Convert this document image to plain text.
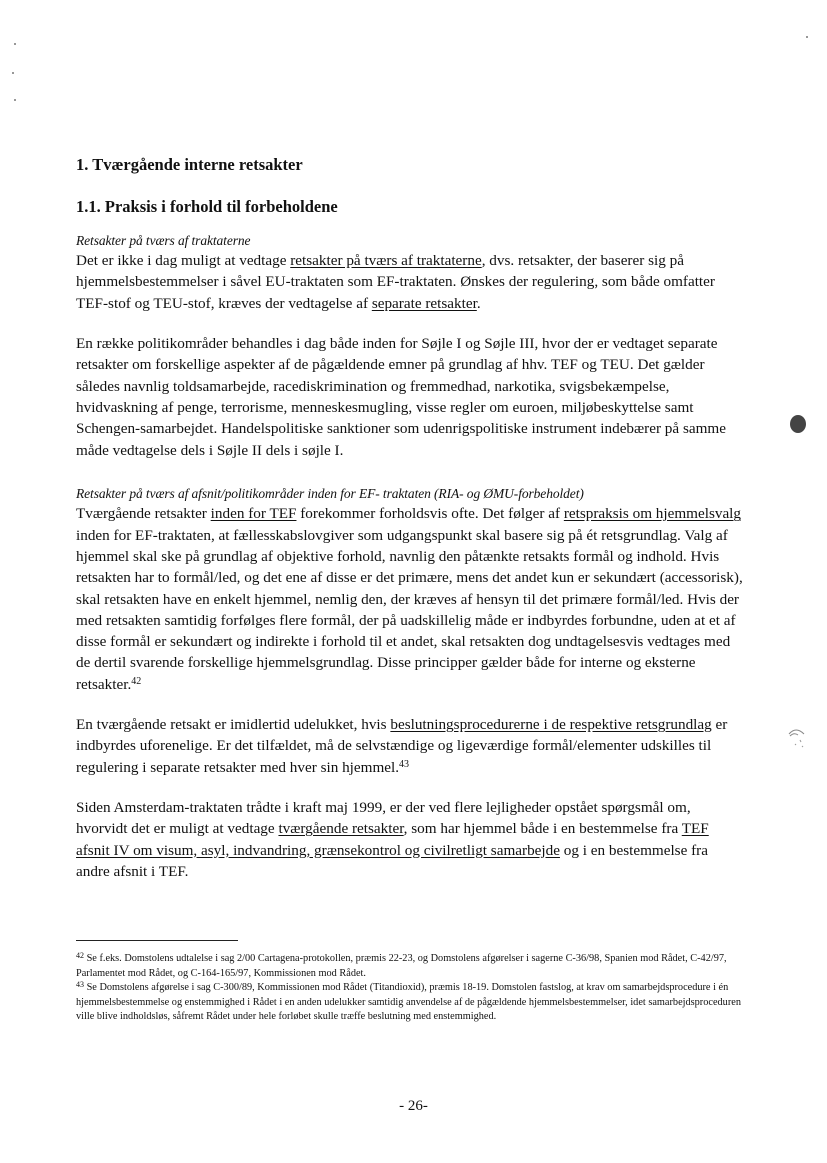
1. Tværgående interne retsakter
1.1. Praksis i forhold til forbeholdene
Retsakter på tværs af traktaterne

Det er ikke i dag muligt at vedtage retsakter på tværs af traktaterne, dvs. retsakter, der baserer sig på hjemmelsbestemmelser i såvel EU-traktaten som EF-traktaten. Ønskes der regulering, som både omfatter TEF-stof og TEU-stof, kræves der vedtagelse af separate retsakter.

En række politikområder behandles i dag både inden for Søjle I og Søjle III, hvor der er vedtaget separate retsakter om forskellige aspekter af de pågældende emner på grundlag af hhv. TEF og TEU. Det gælder således navnlig toldsamarbejde, racediskrimination og fremmedhad, narkotika, svigsbekæmpelse, hvidvaskning af penge, terrorisme, menneskesmugling, visse regler om euroen, miljøbeskyttelse samt Schengen-samarbejdet. Handelspolitiske sanktioner som udenrigspolitiske instrument indebærer på samme måde vedtagelse dels i Søjle II dels i søjle I.

Retsakter på tværs af afsnit/politikområder inden for EF- traktaten (RIA- og ØMU-forbeholdet)

Tværgående retsakter inden for TEF forekommer forholdsvis ofte. Det følger af retspraksis om hjemmelsvalg inden for EF-traktaten, at fællesskabslovgiver som udgangspunkt skal basere sig på ét retsgrundlag. Valg af hjemmel skal ske på grundlag af objektive forhold, navnlig den påtænkte retsakts formål og indhold. Hvis retsakten har to formål/led, og det ene af disse er det primære, mens det andet kun er sekundært (accessorisk), skal retsakten have en enkelt hjemmel, nemlig den, der kræves af hensyn til det primære formål/led. Hvis der med retsakten samtidig forfølges flere formål, der på uadskillelig måde er indbyrdes forbundne, uden at et af disse formål er sekundært og indirekte i forhold til et andet, skal retsakten dog undtagelsesvis vedtages med de dertil svarende forskellige hjemmelsgrundlag. Disse principper gælder både for interne og eksterne retsakter.$^{42}$

En tværgående retsakt er imidlertid udelukket, hvis beslutningsprocedurerne i de respektive retsgrundlag er indbyrdes uforenelige. Er det tilfældet, må de selvstændige og ligeværdige formål/elementer udskilles til regulering i separate retsakter med hver sin hjemmel.$^{43}$

Siden Amsterdam-traktaten trådte i kraft maj 1999, er der ved flere lejligheder opstået spørgsmål om, hvorvidt det er muligt at vedtage tværgående retsakter, som har hjemmel både i en bestemmelse fra TEF afsnit IV om visum, asyl, indvandring, grænsekontrol og civilretligt samarbejde og i en bestemmelse fra andre afsnit i TEF.

$^{42}$ Se f.eks. Domstolens udtalelse i sag 2/00 Cartagena-protokollen, præmis 22-23, og Domstolens afgørelser i sagerne C-36/98, Spanien mod Rådet, C-42/97, Parlamentet mod Rådet, og C-164-165/97, Kommissionen mod Rådet.

$^{43}$ Se Domstolens afgørelse i sag C-300/89, Kommissionen mod Rådet (Titandioxid), præmis 18-19. Domstolen fastslog, at krav om samarbejdsprocedure i én hjemmelsbestemmelse og enstemmighed i Rådet i en anden udelukker samtidig anvendelse af de pågældende hjemmelsbestemmelser, idet samarbejdsproceduren ville blive indholdsløs, såfremt Rådet under hele forløbet skulle træffe beslutning med enstemmighed.

- 26-
